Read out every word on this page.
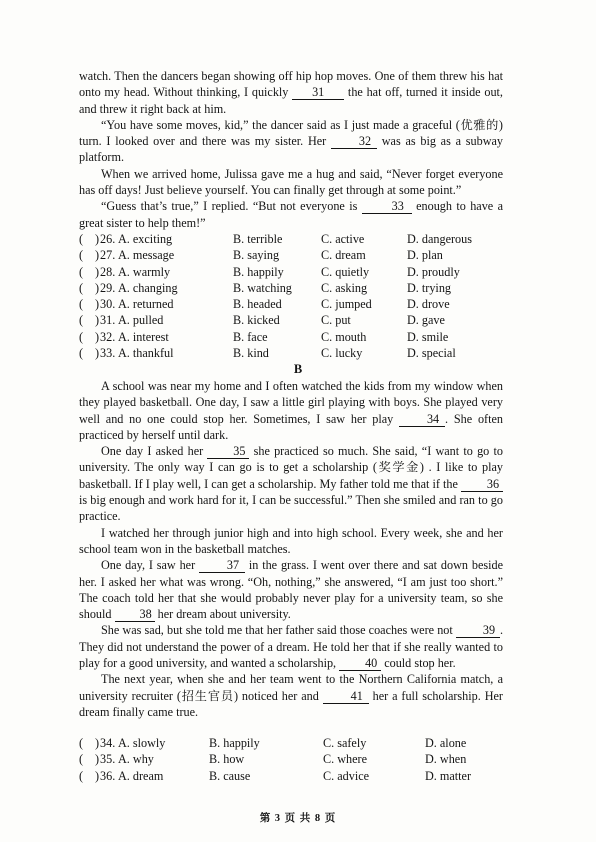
watch. Then the dancers began showing off hip hop moves. One of them threw his hat onto my head. Without thinking, I quickly 31 the hat off, turned it inside out, and threw it right back at him.

“You have some moves, kid,” the dancer said as I just made a graceful (优雅的) turn. I looked over and there was my sister. Her 32 was as big as a subway platform.

When we arrived home, Julissa gave me a hug and said, “Never forget everyone has off days! Just believe yourself. You can finally get through at some point.”

“Guess that’s true,” I replied. “But not everyone is 33 enough to have a great sister to help them!”

( ) 26. A. exciting	B. terrible	C. active	D. dangerous
( ) 27. A. message	B. saying	C. dream	D. plan
( ) 28. A. warmly	B. happily	C. quietly	D. proudly
( ) 29. A. changing	B. watching C. asking	D. trying
( ) 30. A. returned	B. headed	C. jumped	D. drove
( ) 31. A. pulled	B. kicked	C. put	D. gave
( ) 32. A. interest	B. face	C. mouth	D. smile
( ) 33. A. thankful	B. kind	C. lucky	D. special
B

A school was near my home and I often watched the kids from my window when they played basketball. One day, I saw a little girl playing with boys. She played very well and no one could stop her. Sometimes, I saw her play 34 . She often practiced by herself until dark.

One day I asked her 35 she practiced so much. She said, “I want to go to university. The only way I can go is to get a scholarship (奖学金) . I like to play basketball. If I play well, I can get a scholarship. My father told me that if the 36 is big enough and work hard for it, I can be successful.” Then she smiled and ran to go practice.

I watched her through junior high and into high school. Every week, she and her school team won in the basketball matches.

One day, I saw her 37 in the grass. I went over there and sat down beside her. I asked her what was wrong. “Oh, nothing,” she answered, “I am just too short.” The coach told her that she would probably never play for a university team, so she should 38 her dream about university.

She was sad, but she told me that her father said those coaches were not 39 . They did not understand the power of a dream. He told her that if she really wanted to play for a good university, and wanted a scholarship, 40 could stop her.

The next year, when she and her team went to the Northern California match, a university recruiter (招生官员) noticed her and 41 her a full scholarship. Her dream finally came true.

( ) 34. A. slowly	B. happily	C. safely	D. alone
( ) 35. A. why	B. how	C. where	D. when
( ) 36. A. dream	B. cause	C. advice	D. matter
第 3 页 共 8 页
